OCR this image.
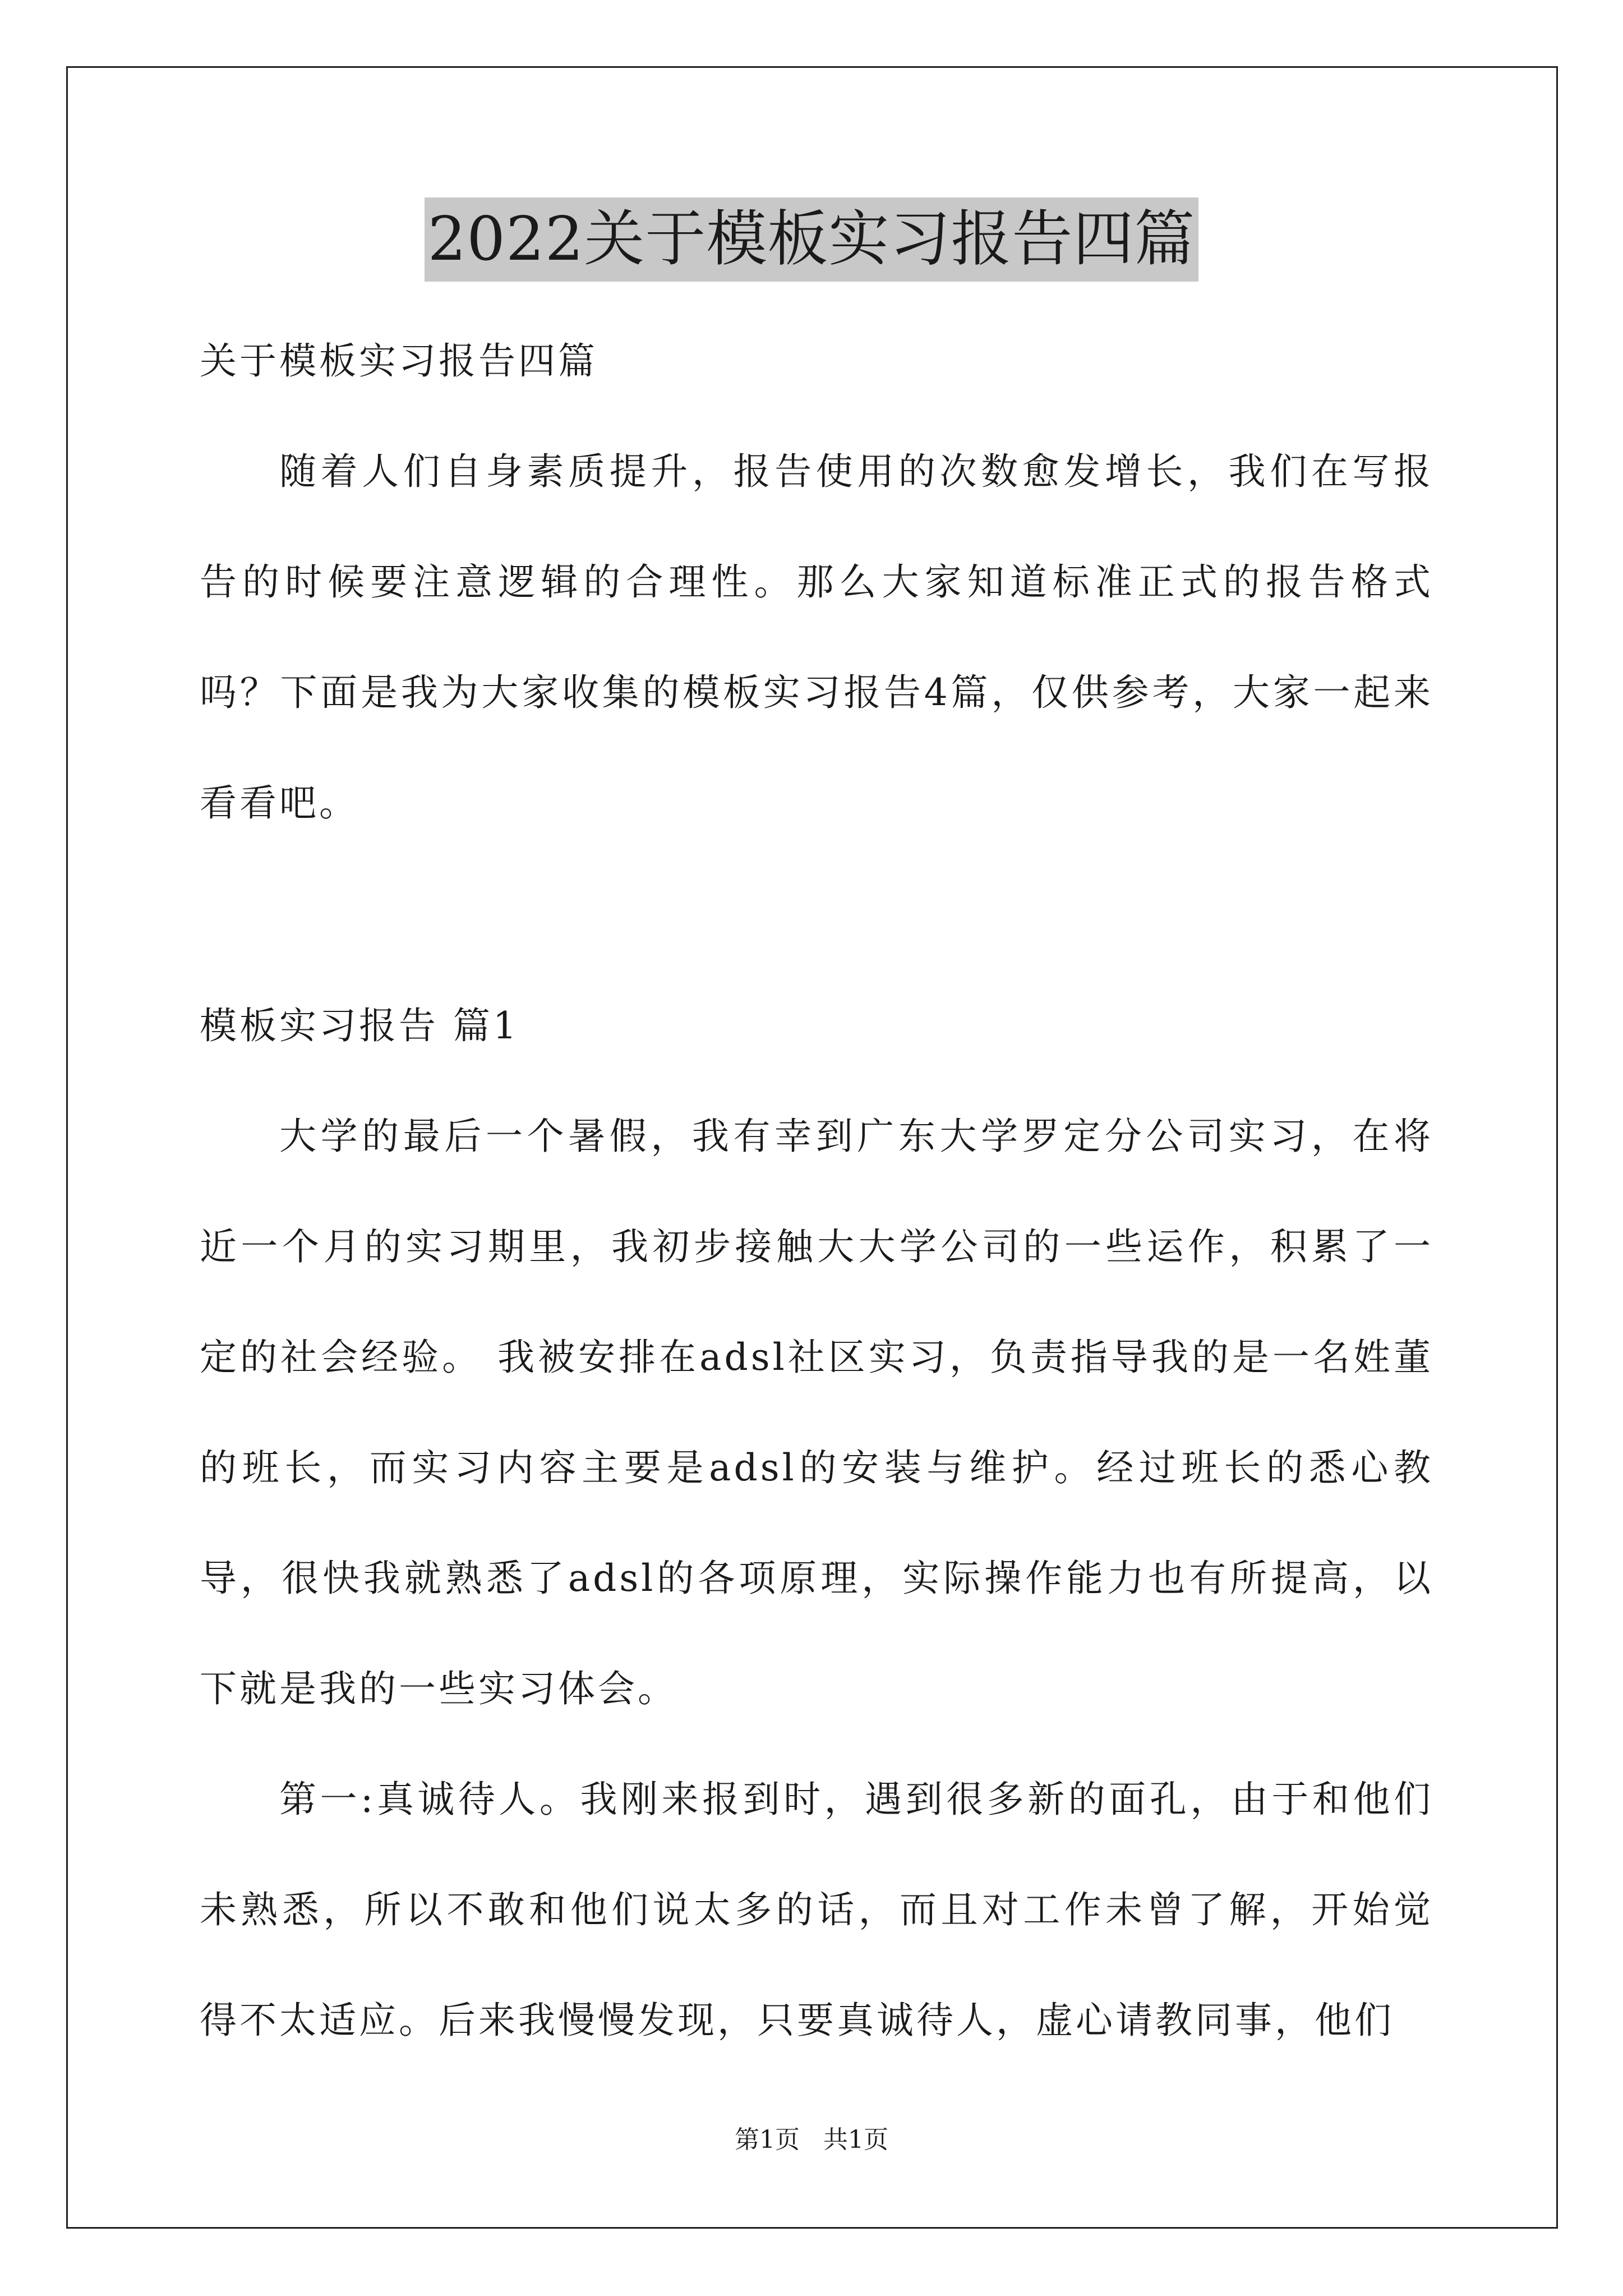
2022关于模板实习报告四篇

关于模板实习报告四篇

随着人们自身素质提升，报告使用的次数愈发增长，我们在写报告的时候要注意逻辑的合理性。那么大家知道标准正式的报告格式吗？下面是我为大家收集的模板实习报告4篇，仅供参考，大家一起来看看吧。

模板实习报告 篇1

大学的最后一个暑假，我有幸到广东大学罗定分公司实习，在将近一个月的实习期里，我初步接触大大学公司的一些运作，积累了一定的社会经验。 我被安排在adsl社区实习，负责指导我的是一名姓董的班长，而实习内容主要是adsl的安装与维护。经过班长的悉心教导，很快我就熟悉了adsl的各项原理，实际操作能力也有所提高，以下就是我的一些实习体会。

第一:真诚待人。我刚来报到时，遇到很多新的面孔，由于和他们未熟悉，所以不敢和他们说太多的话，而且对工作未曾了解，开始觉得不太适应。后来我慢慢发现，只要真诚待人，虚心请教同事，他们

第1页   共1页
